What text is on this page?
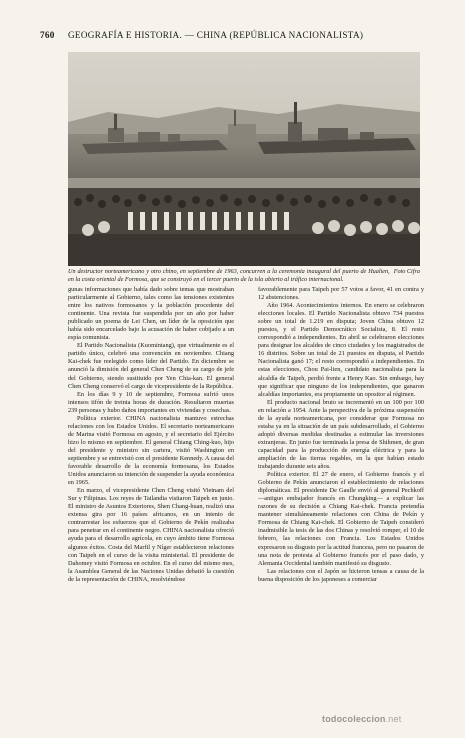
760 GEOGRAFÍA E HISTORIA. — CHINA (REPÚBLICA NACIONALISTA)
Foto Cifra
Un destructor norteamericano y otro chino, en septiembre de 1963, concurren a la ceremonia inaugural del puerto de Hualien, en la costa oriental de Formosa, que se construyó en el tercer puerto de la isla abierto al tráfico internacional.

gunas informaciones que había dado sobre temas que mostraban particularmente al Gobierno, tales como las tensiones existentes entre los nativos formosanos y la población procedente del continente. Una revista fue suspendida por un año por haber publicado un poema de Lei Chen, un líder de la oposición que había sido encarcelado bajo la acusación de haber cobijado a un espía comunista.

El Partido Nacionalista (Kuomintang), que virtualmente es el partido único, celebró una convención en noviembre. Chiang Kai-chek fue reelegido como líder del Partido. En diciembre se anunció la dimisión del general Chen Cheng de su cargo de jefe del Gobierno, siendo sustituido por Yen Chia-kan. El general Chen Cheng conservó el cargo de vicepresidente de la República.

En los días 9 y 10 de septiembre, Formosa sufrió unos intensos tifón de treinta horas de duración. Resultaron muertas 239 personas y hubo daños importantes en viviendas y cosechas.

Política exterior. CHINA nacionalista mantuvo estrechas relaciones con los Estados Unidos. El secretario norteamericano de Marina visitó Formosa en agosto, y el secretario del Ejército hizo lo mismo en septiembre. El general Chiang Ching-kuo, hijo del presidente y ministro sin cartera, visitó Washington en septiembre y se entrevistó con el presidente Kennedy. A causa del favorable desarrollo de la economía formosana, los Estados Unidos anunciaron su intención de suspender la ayuda económica en 1965.

En marzo, el vicepresidente Chen Cheng visitó Vietnam del Sur y Filipinas. Los reyes de Tailandia visitaron Taipeh en junio. El ministro de Asuntos Exteriores, Shen Chang-huan, realizó una extensa gira por 16 países africanos, en un intento de contrarrestar los esfuerzos que el Gobierno de Pekín realizaba para penetrar en el continente negro. CHINA nacionalista ofreció ayuda para el desarrollo agrícola, en cuyo ámbito tiene Formosa algunos éxitos. Costa del Marfil y Níger establecieron relaciones con Taipeh en el curso de la visita ministerial. El presidente de Dahomey visitó Formosa en octubre. En el curso del mismo mes, la Asamblea General de las Naciones Unidas debatió la cuestión de la representación de CHINA, resolviéndose

favorablemente para Taipeh por 57 votos a favor, 41 en contra y 12 abstenciones.

Año 1964. Acontecimientos internos. En enero se celebraron elecciones locales. El Partido Nacionalista obtuvo 734 puestos sobre un total de 1.219 en disputa; Joven China obtuvo 12 puestos, y el Partido Democrático Socialista, 8. El resto correspondió a independientes. En abril se celebraron elecciones para designar los alcaldes de cinco ciudades y los magistrados de 16 distritos. Sobre un total de 21 puestos en disputa, el Partido Nacionalista ganó 17; el resto correspondió a independientes. En estas elecciones, Chou Pai-lien, candidato nacionalista para la alcaldía de Taipeh, perdió frente a Henry Kao. Sin embargo, hay que significar que ninguno de los independientes, que ganaron alcaldías importantes, era propiamente un opositor al régimen.

El producto nacional bruto se incrementó en un 100 por 100 en relación a 1954. Ante la perspectiva de la próxima suspensión de la ayuda norteamericana, por considerar que Formosa no estaba ya en la situación de un país subdesarrollado, el Gobierno adoptó diversas medidas destinadas a estimular las inversiones extranjeras. En junio fue terminada la presa de Shihmen, de gran capacidad para la producción de energía eléctrica y para la ampliación de las tierras regables, en la que habían estado trabajando durante seis años.

Política exterior. El 27 de enero, el Gobierno francés y el Gobierno de Pekín anunciaron el establecimiento de relaciones diplomáticas. El presidente De Gaulle envió al general Pechkoff —antiguo embajador francés en Chungking— a explicar las razones de su decisión a Chiang Kai-chek. Francia pretendía mantener simultáneamente relaciones con China de Pekín y Formosa de Chiang Kai-chek. El Gobierno de Taipeh consideró inadmisible la tesis de las dos Chinas y resolvió romper, el 10 de febrero, las relaciones con Francia. Los Estados Unidos expresaron su disgusto por la actitud francesa, pero no pasaron de una nota de protesta al Gobierno francés por el paso dado, y Alemania Occidental también manifestó su disgusto.

Las relaciones con el Japón se hicieron tensas a causa de la buena disposición de los japoneses a comerciar

todocoleccion.net
